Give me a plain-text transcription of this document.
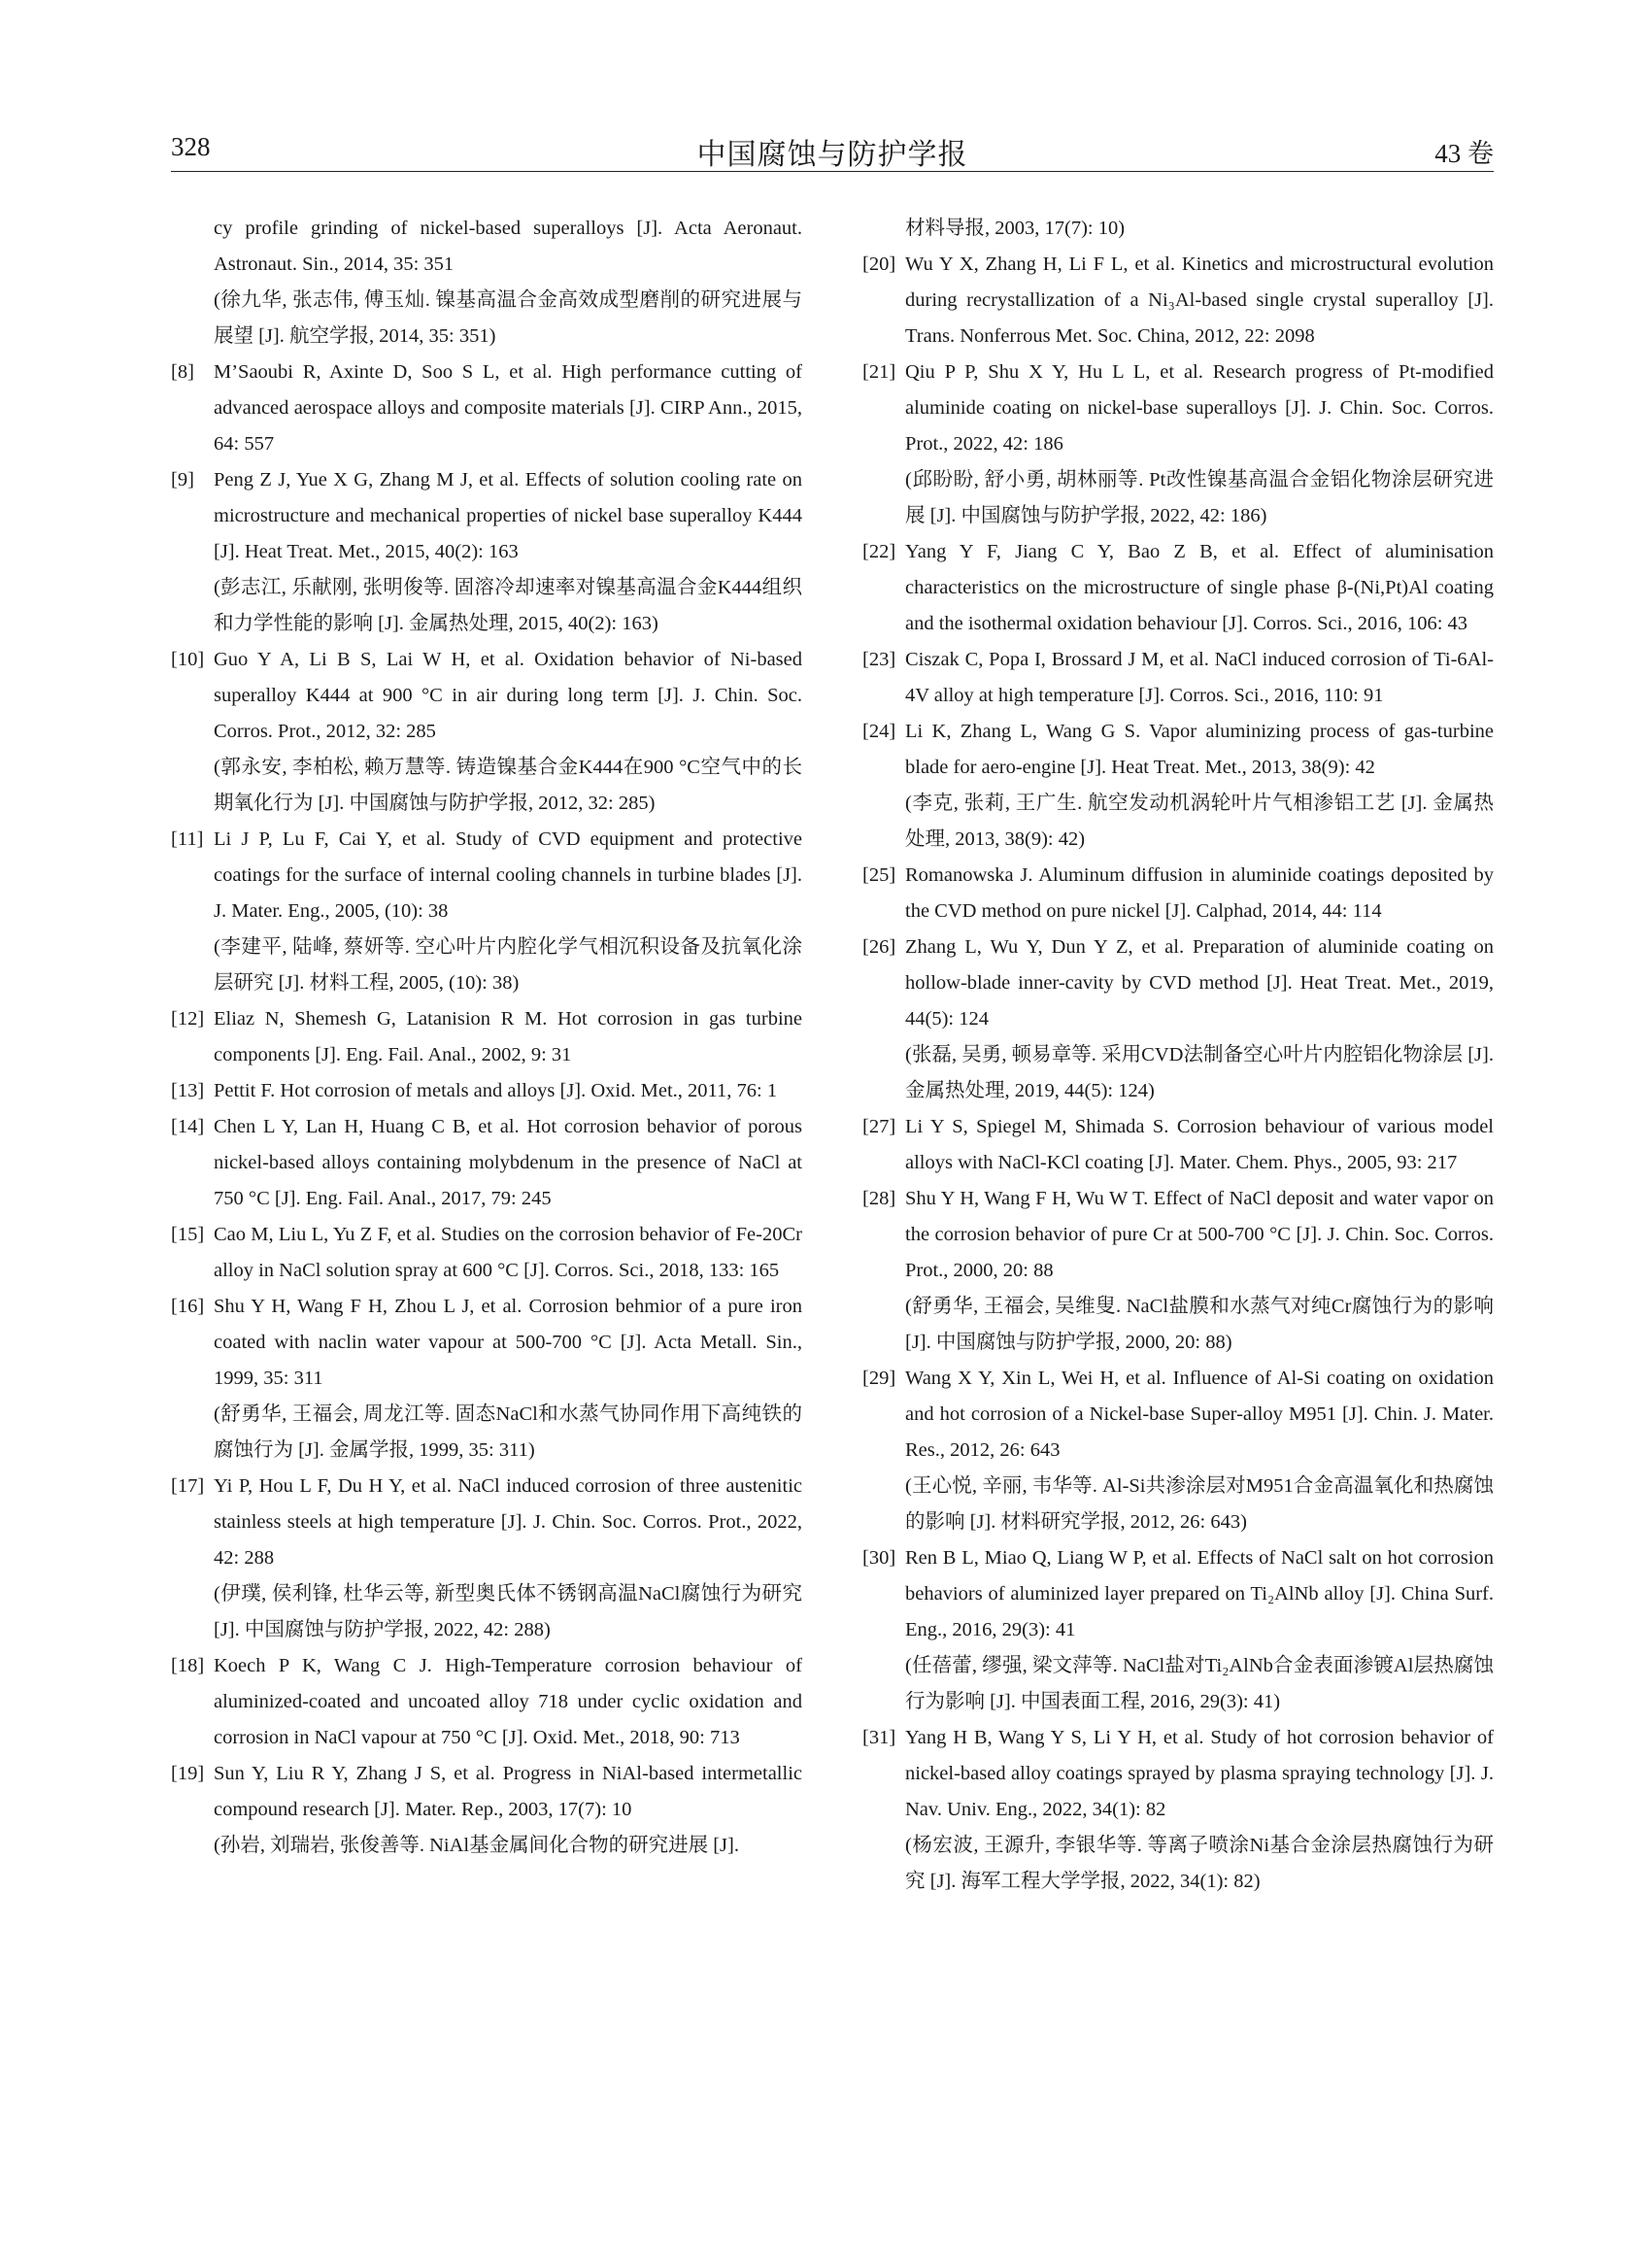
328	中国腐蚀与防护学报	43 卷
cy profile grinding of nickel-based superalloys [J]. Acta Aeronaut. Astronaut. Sin., 2014, 35: 351
(徐九华, 张志伟, 傅玉灿. 镍基高温合金高效成型磨削的研究进展与展望 [J]. 航空学报, 2014, 35: 351)
[8] M’Saoubi R, Axinte D, Soo S L, et al. High performance cutting of advanced aerospace alloys and composite materials [J]. CIRP Ann., 2015, 64: 557
[9] Peng Z J, Yue X G, Zhang M J, et al. Effects of solution cooling rate on microstructure and mechanical properties of nickel base superalloy K444 [J]. Heat Treat. Met., 2015, 40(2): 163
(彭志江, 乐献刚, 张明俊等. 固溶冷却速率对镍基高温合金K444组织和力学性能的影响 [J]. 金属热处理, 2015, 40(2): 163)
[10] Guo Y A, Li B S, Lai W H, et al. Oxidation behavior of Ni-based superalloy K444 at 900 °C in air during long term [J]. J. Chin. Soc. Corros. Prot., 2012, 32: 285
(郭永安, 李柏松, 赖万慧等. 铸造镍基合金K444在900 °C空气中的长期氧化行为 [J]. 中国腐蚀与防护学报, 2012, 32: 285)
[11] Li J P, Lu F, Cai Y, et al. Study of CVD equipment and protective coatings for the surface of internal cooling channels in turbine blades [J]. J. Mater. Eng., 2005, (10): 38
(李建平, 陆峰, 蔡妍等. 空心叶片内腔化学气相沉积设备及抗氧化涂层研究 [J]. 材料工程, 2005, (10): 38)
[12] Eliaz N, Shemesh G, Latanision R M. Hot corrosion in gas turbine components [J]. Eng. Fail. Anal., 2002, 9: 31
[13] Pettit F. Hot corrosion of metals and alloys [J]. Oxid. Met., 2011, 76: 1
[14] Chen L Y, Lan H, Huang C B, et al. Hot corrosion behavior of porous nickel-based alloys containing molybdenum in the presence of NaCl at 750 °C [J]. Eng. Fail. Anal., 2017, 79: 245
[15] Cao M, Liu L, Yu Z F, et al. Studies on the corrosion behavior of Fe-20Cr alloy in NaCl solution spray at 600 °C [J]. Corros. Sci., 2018, 133: 165
[16] Shu Y H, Wang F H, Zhou L J, et al. Corrosion behmior of a pure iron coated with naclin water vapour at 500-700 °C [J]. Acta Metall. Sin., 1999, 35: 311
(舒勇华, 王福会, 周龙江等. 固态NaCl和水蒸气协同作用下高纯铁的腐蚀行为 [J]. 金属学报, 1999, 35: 311)
[17] Yi P, Hou L F, Du H Y, et al. NaCl induced corrosion of three austenitic stainless steels at high temperature [J]. J. Chin. Soc. Corros. Prot., 2022, 42: 288
(伊璞, 侯利锋, 杜华云等, 新型奥氏体不锈钢高温NaCl腐蚀行为研究 [J]. 中国腐蚀与防护学报, 2022, 42: 288)
[18] Koech P K, Wang C J. High-Temperature corrosion behaviour of aluminized-coated and uncoated alloy 718 under cyclic oxidation and corrosion in NaCl vapour at 750 °C [J]. Oxid. Met., 2018, 90: 713
[19] Sun Y, Liu R Y, Zhang J S, et al. Progress in NiAl-based intermetallic compound research [J]. Mater. Rep., 2003, 17(7): 10
(孙岩, 刘瑞岩, 张俊善等. NiAl基金属间化合物的研究进展 [J].
材料导报, 2003, 17(7): 10)
[20] Wu Y X, Zhang H, Li F L, et al. Kinetics and microstructural evolution during recrystallization of a Ni₃Al-based single crystal superalloy [J]. Trans. Nonferrous Met. Soc. China, 2012, 22: 2098
[21] Qiu P P, Shu X Y, Hu L L, et al. Research progress of Pt-modified aluminide coating on nickel-base superalloys [J]. J. Chin. Soc. Corros. Prot., 2022, 42: 186
(邱盼盼, 舒小勇, 胡林丽等. Pt改性镍基高温合金铝化物涂层研究进展 [J]. 中国腐蚀与防护学报, 2022, 42: 186)
[22] Yang Y F, Jiang C Y, Bao Z B, et al. Effect of aluminisation characteristics on the microstructure of single phase β-(Ni,Pt)Al coating and the isothermal oxidation behaviour [J]. Corros. Sci., 2016, 106: 43
[23] Ciszak C, Popa I, Brossard J M, et al. NaCl induced corrosion of Ti-6Al-4V alloy at high temperature [J]. Corros. Sci., 2016, 110: 91
[24] Li K, Zhang L, Wang G S. Vapor aluminizing process of gas-turbine blade for aero-engine [J]. Heat Treat. Met., 2013, 38(9): 42
(李克, 张莉, 王广生. 航空发动机涡轮叶片气相渗铝工艺 [J]. 金属热处理, 2013, 38(9): 42)
[25] Romanowska J. Aluminum diffusion in aluminide coatings deposited by the CVD method on pure nickel [J]. Calphad, 2014, 44: 114
[26] Zhang L, Wu Y, Dun Y Z, et al. Preparation of aluminide coating on hollow-blade inner-cavity by CVD method [J]. Heat Treat. Met., 2019, 44(5): 124
(张磊, 吴勇, 顿易章等. 采用CVD法制备空心叶片内腔铝化物涂层 [J]. 金属热处理, 2019, 44(5): 124)
[27] Li Y S, Spiegel M, Shimada S. Corrosion behaviour of various model alloys with NaCl-KCl coating [J]. Mater. Chem. Phys., 2005, 93: 217
[28] Shu Y H, Wang F H, Wu W T. Effect of NaCl deposit and water vapor on the corrosion behavior of pure Cr at 500-700 °C [J]. J. Chin. Soc. Corros. Prot., 2000, 20: 88
(舒勇华, 王福会, 吴维叟. NaCl盐膜和水蒸气对纯Cr腐蚀行为的影响 [J]. 中国腐蚀与防护学报, 2000, 20: 88)
[29] Wang X Y, Xin L, Wei H, et al. Influence of Al-Si coating on oxidation and hot corrosion of a Nickel-base Super-alloy M951 [J]. Chin. J. Mater. Res., 2012, 26: 643
(王心悦, 辛丽, 韦华等. Al-Si共渗涂层对M951合金高温氧化和热腐蚀的影响 [J]. 材料研究学报, 2012, 26: 643)
[30] Ren B L, Miao Q, Liang W P, et al. Effects of NaCl salt on hot corrosion behaviors of aluminized layer prepared on Ti₂AlNb alloy [J]. China Surf. Eng., 2016, 29(3): 41
(任蓓蕾, 缪强, 梁文萍等. NaCl盐对Ti₂AlNb合金表面渗镀Al层热腐蚀行为影响 [J]. 中国表面工程, 2016, 29(3): 41)
[31] Yang H B, Wang Y S, Li Y H, et al. Study of hot corrosion behavior of nickel-based alloy coatings sprayed by plasma spraying technology [J]. J. Nav. Univ. Eng., 2022, 34(1): 82
(杨宏波, 王源升, 李银华等. 等离子喷涂Ni基合金涂层热腐蚀行为研究 [J]. 海军工程大学学报, 2022, 34(1): 82)
